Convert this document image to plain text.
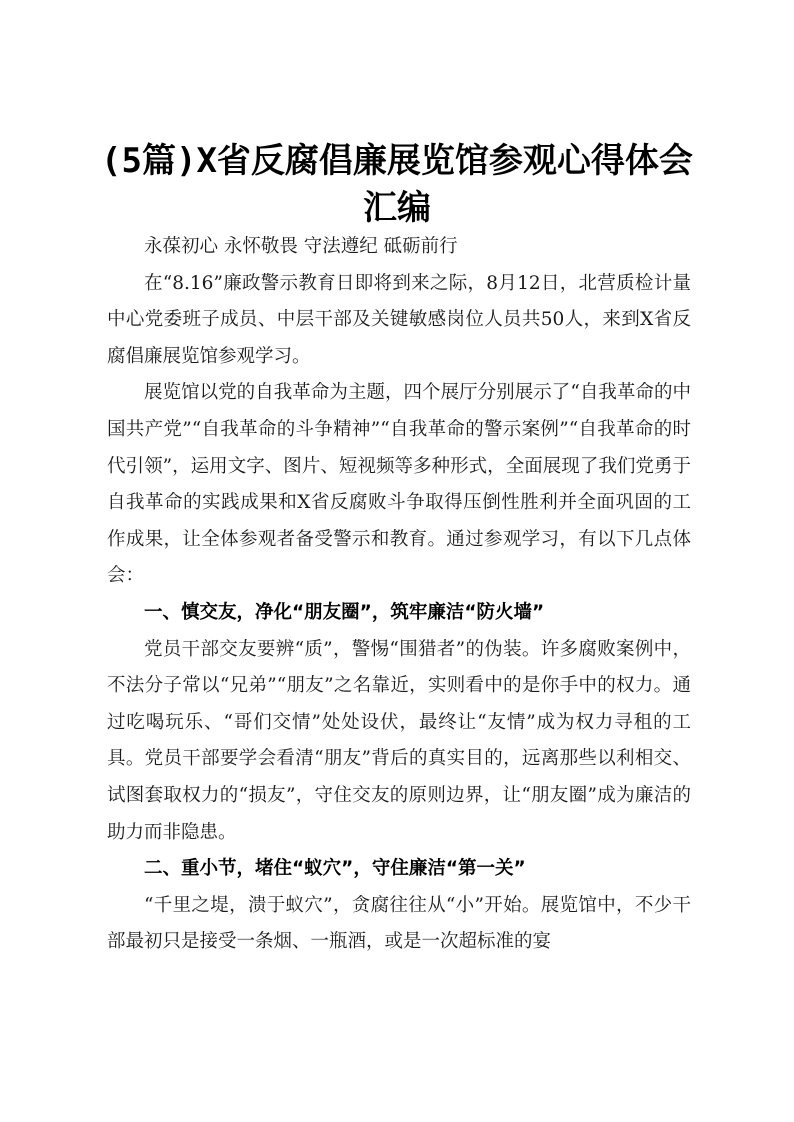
(5篇)X省反腐倡廉展览馆参观心得体会汇编

永葆初心 永怀敬畏 守法遵纪 砥砺前行

在“8.16”廉政警示教育日即将到来之际，8月12日，北营质检计量中心党委班子成员、中层干部及关键敏感岗位人员共50人，来到X省反腐倡廉展览馆参观学习。

展览馆以党的自我革命为主题，四个展厅分别展示了“自我革命的中国共产党”“自我革命的斗争精神”“自我革命的警示案例”“自我革命的时代引领”，运用文字、图片、短视频等多种形式，全面展现了我们党勇于自我革命的实践成果和X省反腐败斗争取得压倒性胜利并全面巩固的工作成果，让全体参观者备受警示和教育。通过参观学习，有以下几点体会：

一、慎交友，净化“朋友圈”，筑牢廉洁“防火墙”

党员干部交友要辨“质”，警惕“围猎者”的伪装。许多腐败案例中，不法分子常以“兄弟”“朋友”之名靠近，实则看中的是你手中的权力。通过吃喝玩乐、“哥们交情”处处设伏，最终让“友情”成为权力寻租的工具。党员干部要学会看清“朋友”背后的真实目的，远离那些以利相交、试图套取权力的“损友”，守住交友的原则边界，让“朋友圈”成为廉洁的助力而非隐患。

二、重小节，堵住“蚁穴”，守住廉洁“第一关”

“千里之堤，溃于蚁穴”，贪腐往往从“小”开始。展览馆中，不少干部最初只是接受一条烟、一瓶酒，或是一次超标准的宴
